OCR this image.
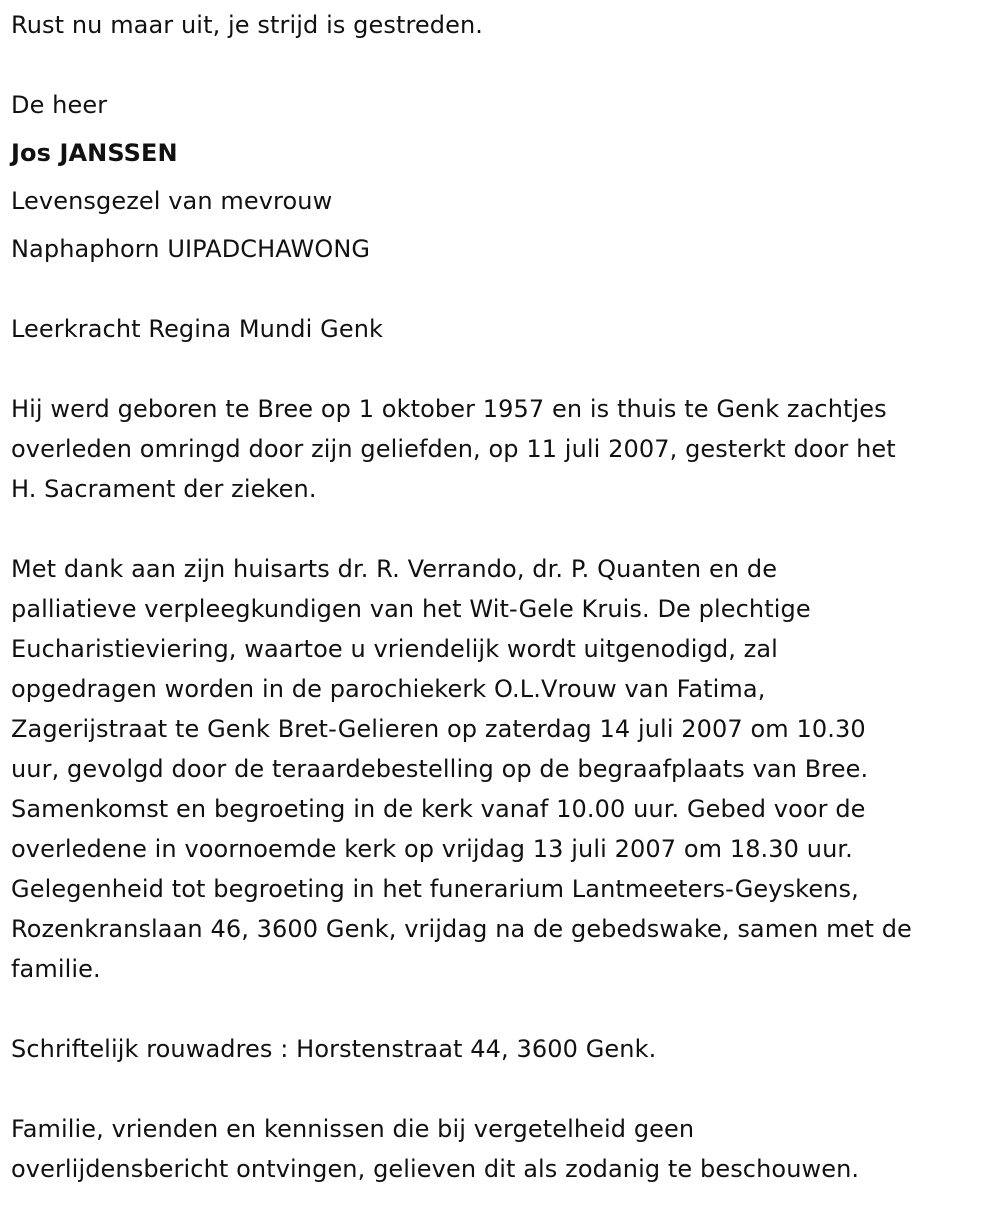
Rust nu maar uit, je strijd is gestreden.
De heer
Jos JANSSEN
Levensgezel van mevrouw
Naphaphorn UIPADCHAWONG
Leerkracht Regina Mundi Genk
Hij werd geboren te Bree op 1 oktober 1957 en is thuis te Genk zachtjes
overleden omringd door zijn geliefden, op 11 juli 2007, gesterkt door het
H. Sacrament der zieken.
Met dank aan zijn huisarts dr. R. Verrando, dr. P. Quanten en de
palliatieve verpleegkundigen van het Wit-Gele Kruis. De plechtige
Eucharistieviering, waartoe u vriendelijk wordt uitgenodigd, zal
opgedragen worden in de parochiekerk O.L.Vrouw van Fatima,
Zagerijstraat te Genk Bret-Gelieren op zaterdag 14 juli 2007 om 10.30
uur, gevolgd door de teraardebestelling op de begraafplaats van Bree.
Samenkomst en begroeting in de kerk vanaf 10.00 uur. Gebed voor de
overledene in voornoemde kerk op vrijdag 13 juli 2007 om 18.30 uur.
Gelegenheid tot begroeting in het funerarium Lantmeeters-Geyskens,
Rozenkranslaan 46, 3600 Genk, vrijdag na de gebedswake, samen met de
familie.
Schriftelijk rouwadres : Horstenstraat 44, 3600 Genk.
Familie, vrienden en kennissen die bij vergetelheid geen
overlijdensbericht ontvingen, gelieven dit als zodanig te beschouwen.
